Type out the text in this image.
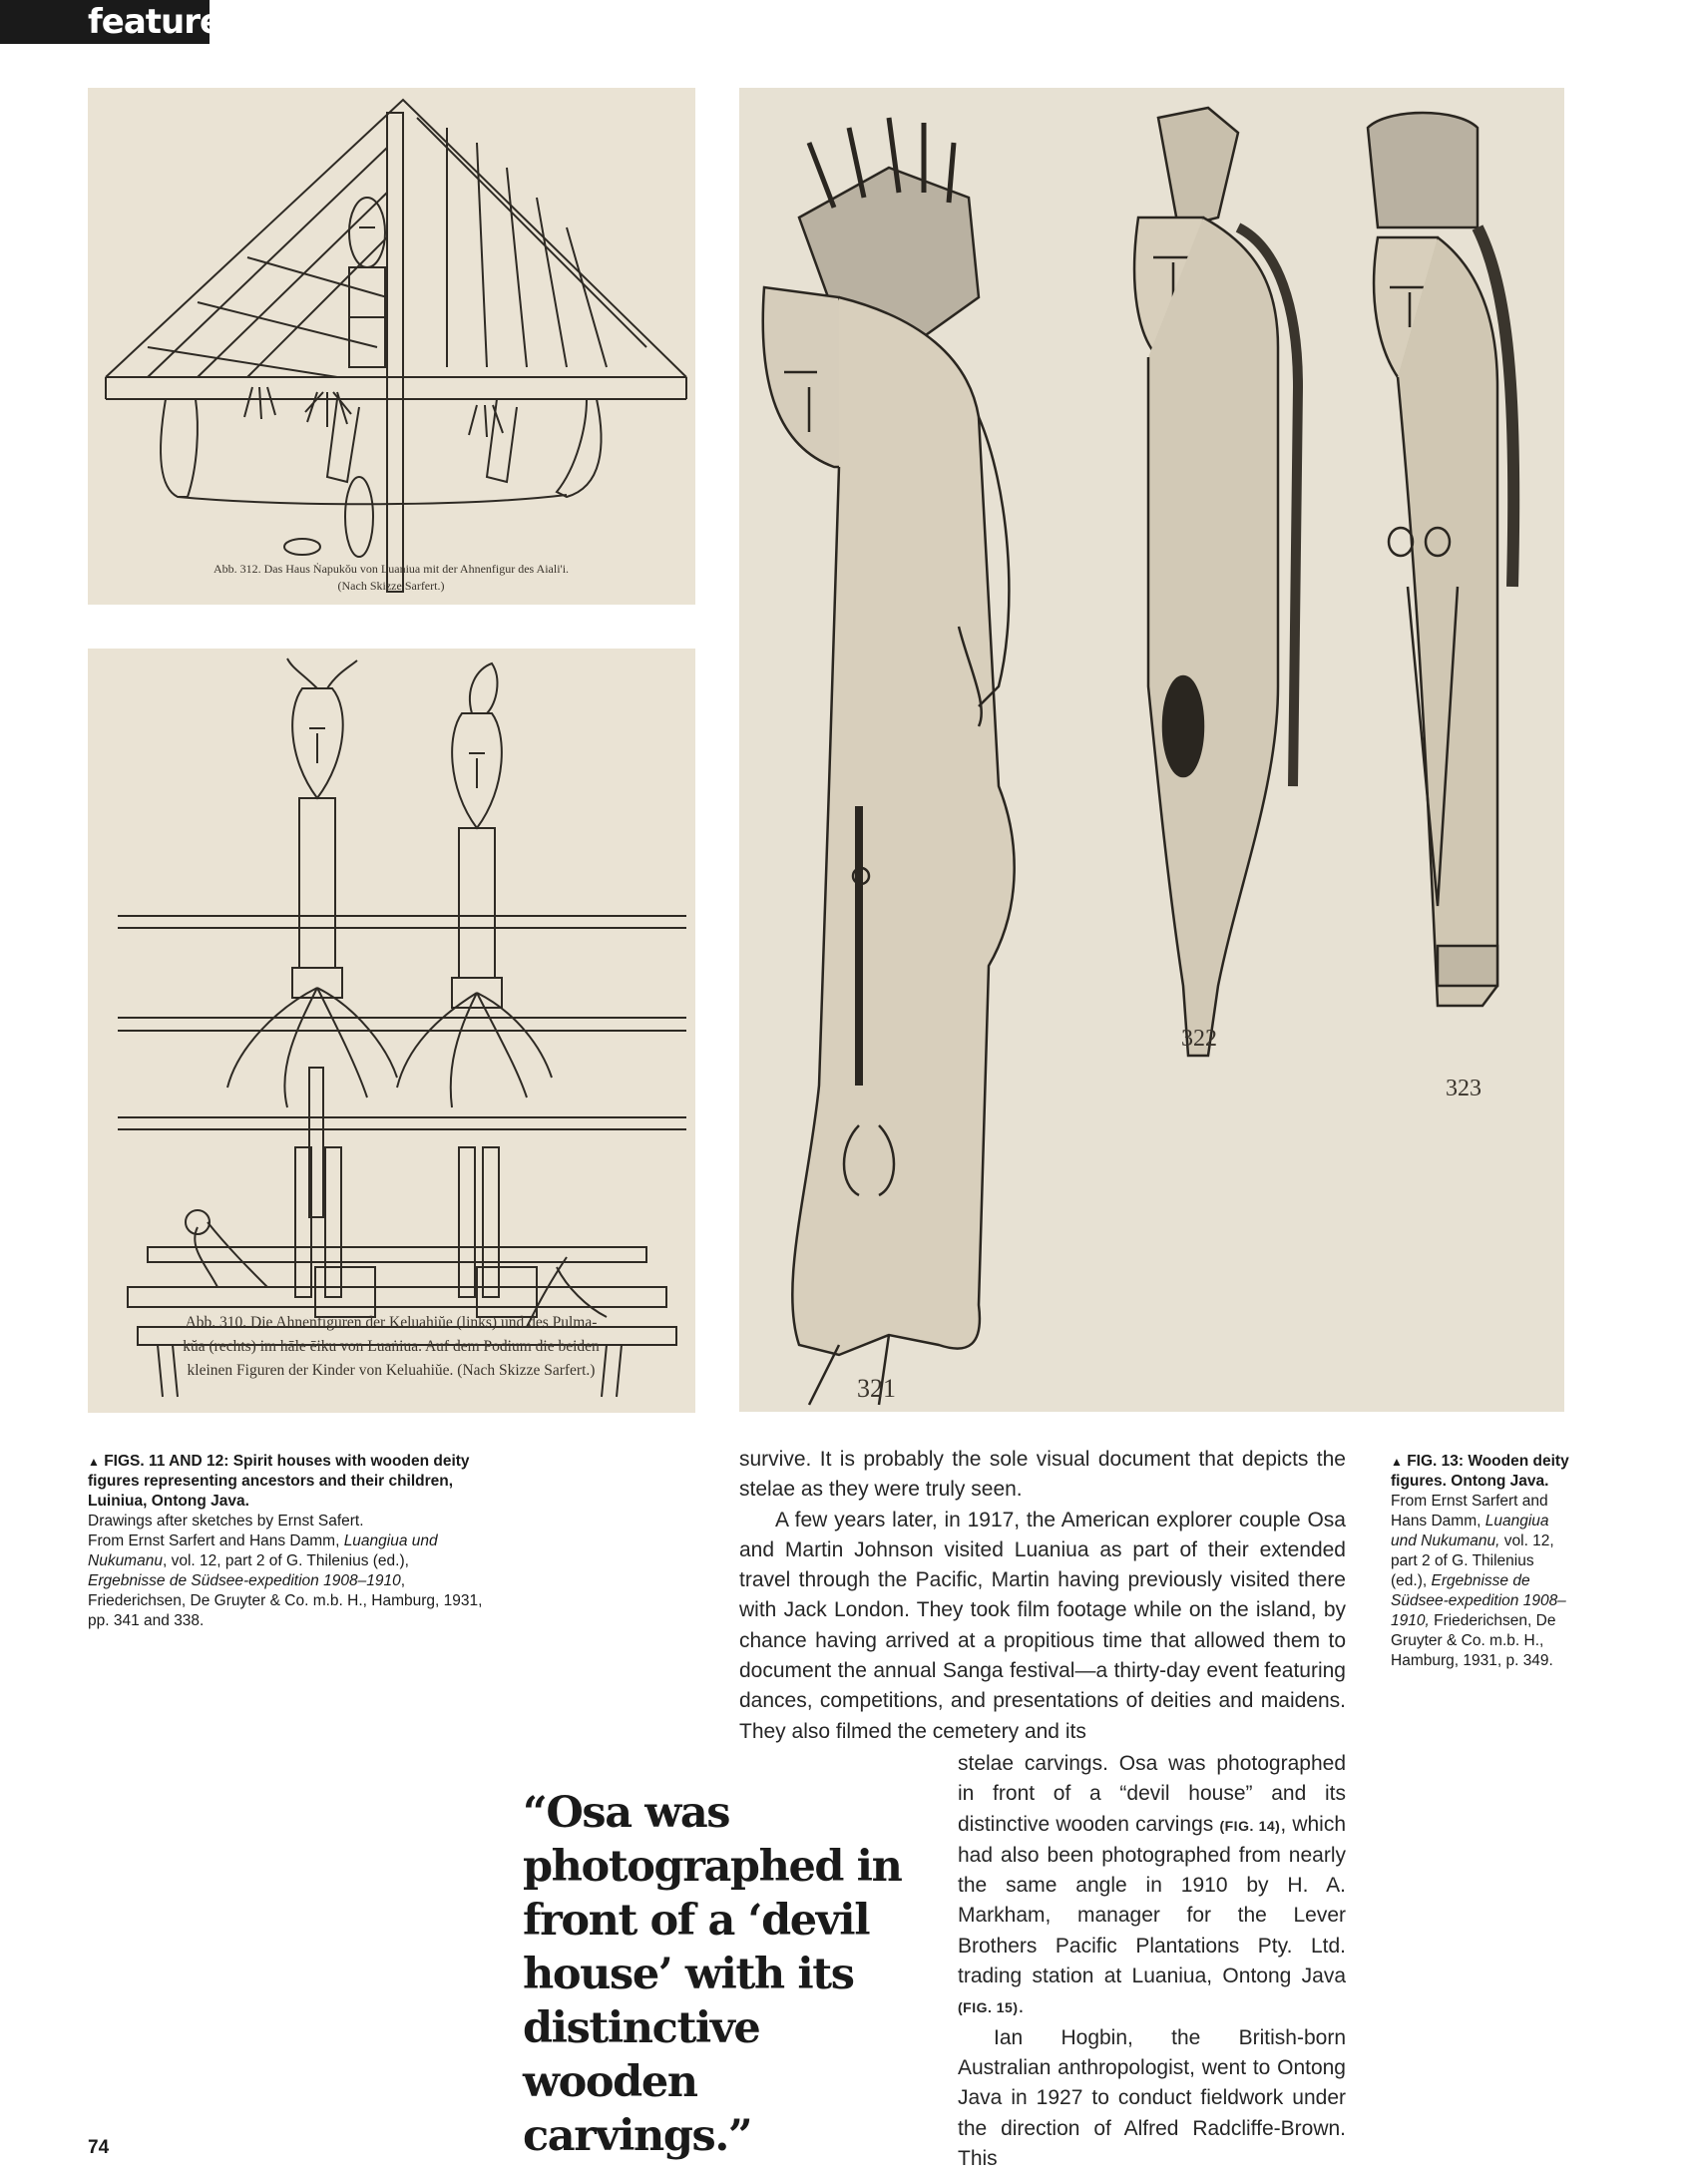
feature
Abb. 312. Das Haus Ṅapukŏu von Luaṅiua mit der Ahnenfigur des Aiali'i.
(Nach Skizze Sarfert.)
Abb. 310. Die Ahnenfiguren der Keluahiŭe (links) und des Pulma-
kŭa (rechts) im hāle ēiku von Luaṅiua. Auf dem Podium die beiden
kleinen Figuren der Kinder von Keluahiŭe. (Nach Skizze Sarfert.)
321
322
323
▲ FIGS. 11 AND 12: Spirit houses with wooden deity figures representing ancestors and their children, Luiniua, Ontong Java.
Drawings after sketches by Ernst Safert.
From Ernst Sarfert and Hans Damm, Luangiua und Nukumanu, vol. 12, part 2 of G. Thilenius (ed.), Ergebnisse de Südsee-expedition 1908–1910, Friederichsen, De Gruyter & Co. m.b. H., Hamburg, 1931, pp. 341 and 338.
▲ FIG. 13: Wooden deity figures. Ontong Java.
From Ernst Sarfert and Hans Damm, Luangiua und Nukumanu, vol. 12, part 2 of G. Thilenius (ed.), Ergebnisse de Südsee-expedition 1908–1910, Friederichsen, De Gruyter & Co. m.b. H., Hamburg, 1931, p. 349.

survive. It is probably the sole visual document that depicts the stelae as they were truly seen.

A few years later, in 1917, the American explorer couple Osa and Martin Johnson visited Luaniua as part of their extended travel through the Pacific, Martin having previously visited there with Jack London. They took film footage while on the island, by chance having arrived at a propitious time that allowed them to document the annual Sanga festival—a thirty-day event featuring dances, competitions, and presentations of deities and maidens. They also filmed the cemetery and its

stelae carvings. Osa was photographed in front of a “devil house” and its distinctive wooden carvings (FIG. 14), which had also been photographed from nearly the same angle in 1910 by H. A. Markham, manager for the Lever Brothers Pacific Plantations Pty. Ltd. trading station at Luaniua, Ontong Java (FIG. 15).

Ian Hogbin, the British-born Australian anthropologist, went to Ontong Java in 1927 to conduct fieldwork under the direction of Alfred Radcliffe-Brown. This

“Osa was photographed in front of a ‘devil house’ with its distinctive wooden carvings.”
74
